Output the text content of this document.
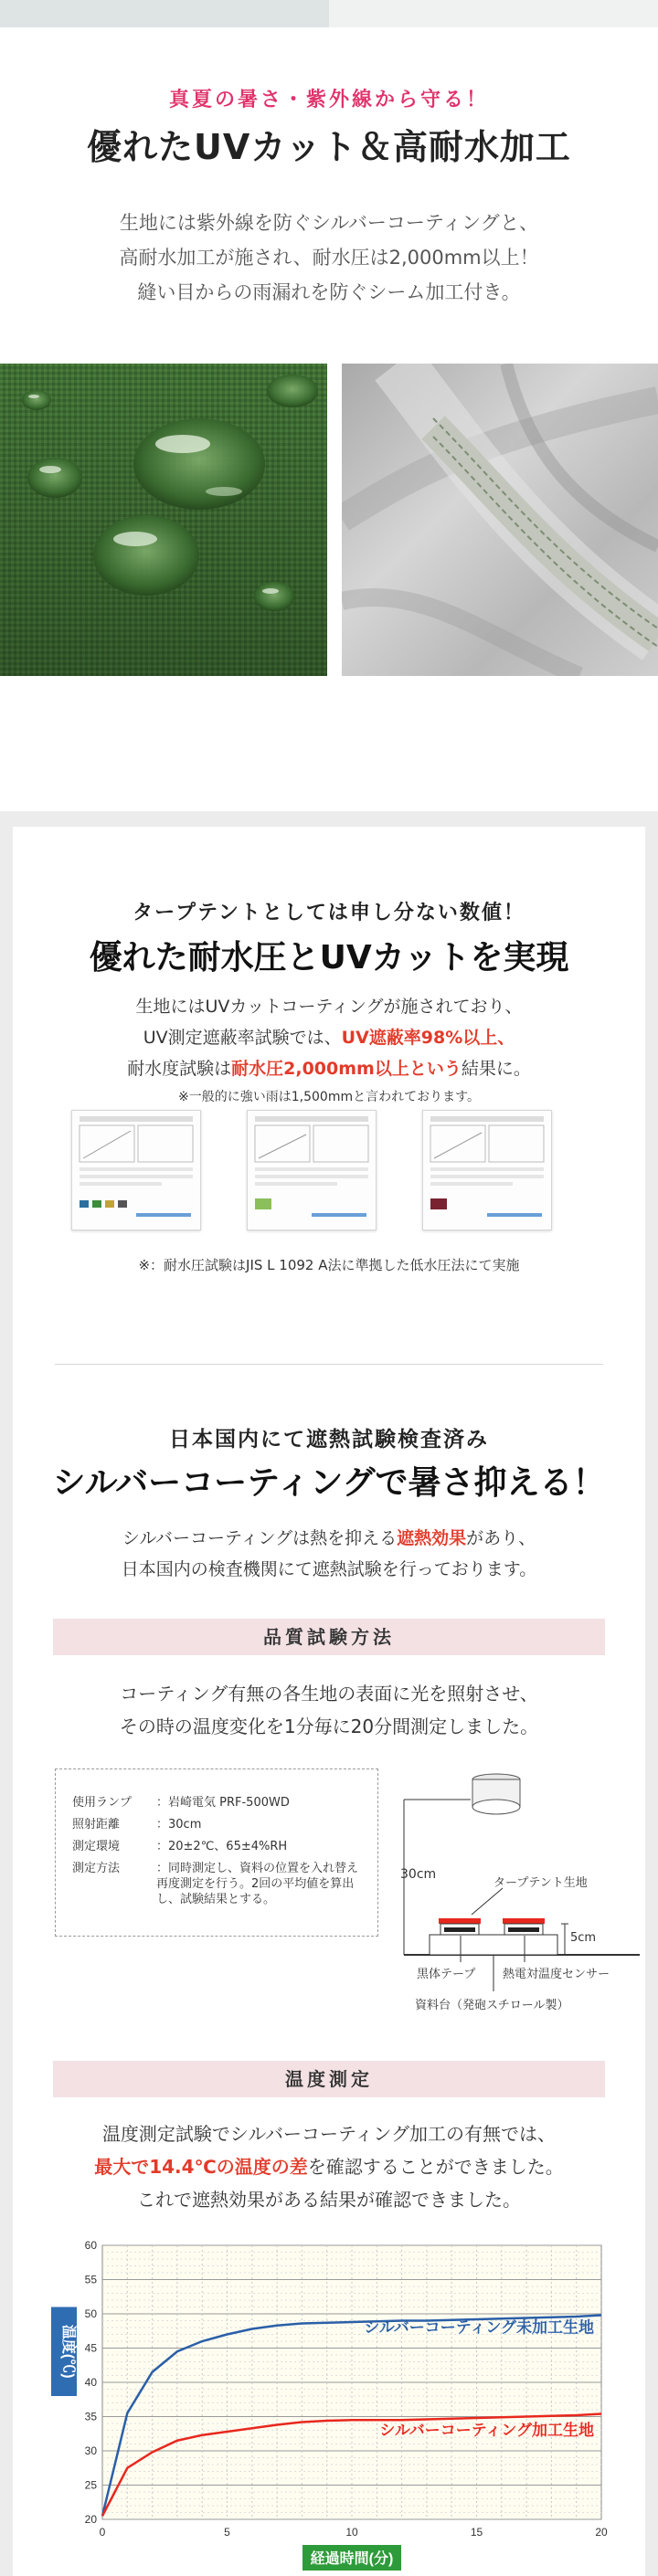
真夏の暑さ・紫外線から守る！
優れたUVカット＆高耐水加工
生地には紫外線を防ぐシルバーコーティングと、
高耐水加工が施され、耐水圧は2,000mm以上！
縫い目からの雨漏れを防ぐシーム加工付き。
タープテントとしては申し分ない数値！
優れた耐水圧とUVカットを実現
生地にはUVカットコーティングが施されており、
UV測定遮蔽率試験では、UV遮蔽率98%以上、
耐水度試験は耐水圧2,000mm以上という結果に。
※一般的に強い雨は1,500mmと言われております。
※：耐水圧試験はJIS L 1092 A法に準拠した低水圧法にて実施
日本国内にて遮熱試験検査済み
シルバーコーティングで暑さ抑える！
シルバーコーティングは熱を抑える遮熱効果があり、
日本国内の検査機関にて遮熱試験を行っております。
品質試験方法
コーティング有無の各生地の表面に光を照射させ、
その時の温度変化を1分毎に20分間測定しました。
使用ランプ ：岩崎電気 PRF-500WD
照射距離	：30cm
測定環境	：20±2℃、65±4%RH
測定方法	：同時測定し、資料の位置を入れ替え再度測定を行う。2回の平均値を算出し、試験結果とする。
30cm
タープテント生地
5cm
黒体テープ 熱電対温度センサー
資料台（発砲スチロール製）
温度測定
温度測定試験でシルバーコーティング加工の有無では、
最大で14.4℃の温度の差を確認することができました。
これで遮熱効果がある結果が確認できました。
20
25
30
35
40
45
50
55
60
0	5	10	15	20
シルバーコーティング未加工生地
シルバーコーティング加工生地
温度(℃)
経過時間(分)
